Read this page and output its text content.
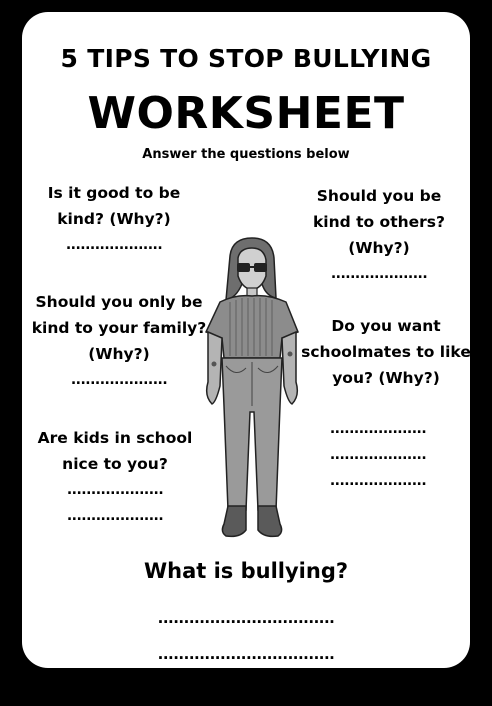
5 TIPS TO STOP BULLYING
WORKSHEET
Answer the questions below
Is it good to be kind? (Why?)
....................
Should you be kind to others? (Why?)
....................
Should you only be kind to your family? (Why?)
....................
Do you want schoolmates to like you? (Why?)
....................
....................
....................
Are kids in school nice to you?
....................
....................
What is bullying?
..................................
..................................
